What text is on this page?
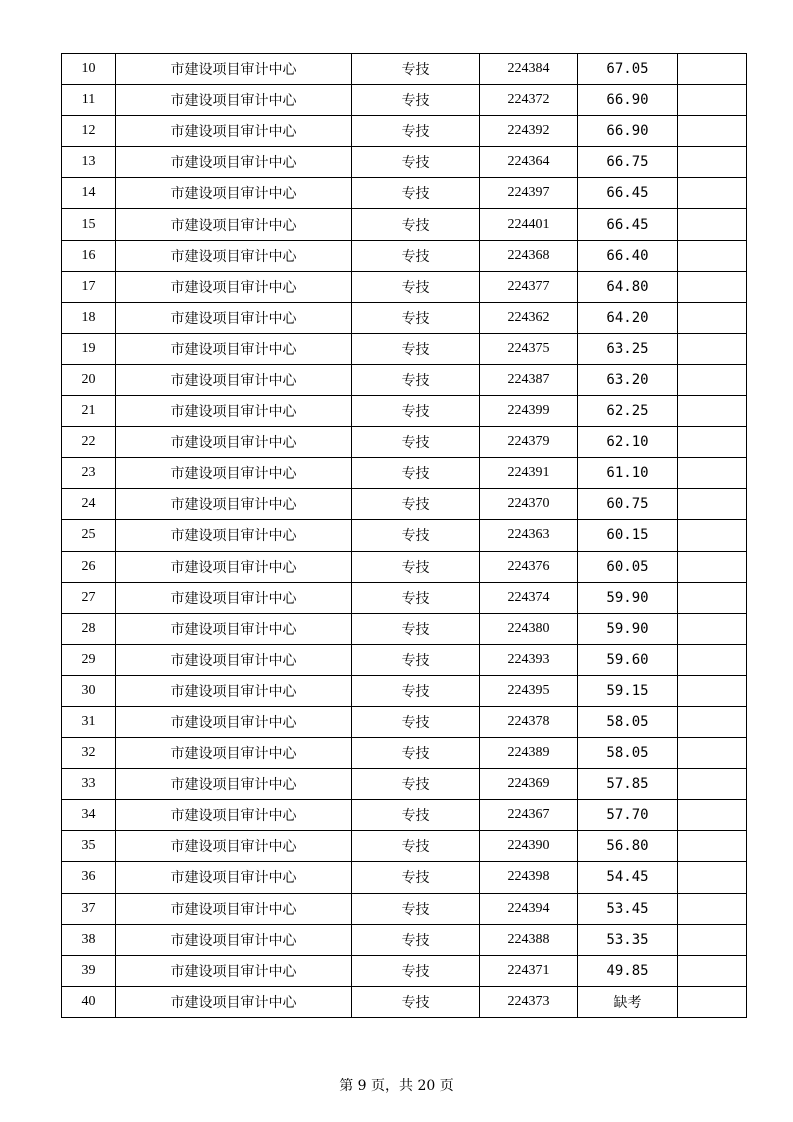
10	市建设项目审计中心	专技	224384	67.05	
11	市建设项目审计中心	专技	224372	66.90	
12	市建设项目审计中心	专技	224392	66.90	
13	市建设项目审计中心	专技	224364	66.75	
14	市建设项目审计中心	专技	224397	66.45	
15	市建设项目审计中心	专技	224401	66.45	
16	市建设项目审计中心	专技	224368	66.40	
17	市建设项目审计中心	专技	224377	64.80	
18	市建设项目审计中心	专技	224362	64.20	
19	市建设项目审计中心	专技	224375	63.25	
20	市建设项目审计中心	专技	224387	63.20	
21	市建设项目审计中心	专技	224399	62.25	
22	市建设项目审计中心	专技	224379	62.10	
23	市建设项目审计中心	专技	224391	61.10	
24	市建设项目审计中心	专技	224370	60.75	
25	市建设项目审计中心	专技	224363	60.15	
26	市建设项目审计中心	专技	224376	60.05	
27	市建设项目审计中心	专技	224374	59.90	
28	市建设项目审计中心	专技	224380	59.90	
29	市建设项目审计中心	专技	224393	59.60	
30	市建设项目审计中心	专技	224395	59.15	
31	市建设项目审计中心	专技	224378	58.05	
32	市建设项目审计中心	专技	224389	58.05	
33	市建设项目审计中心	专技	224369	57.85	
34	市建设项目审计中心	专技	224367	57.70	
35	市建设项目审计中心	专技	224390	56.80	
36	市建设项目审计中心	专技	224398	54.45	
37	市建设项目审计中心	专技	224394	53.45	
38	市建设项目审计中心	专技	224388	53.35	
39	市建设项目审计中心	专技	224371	49.85	
40	市建设项目审计中心	专技	224373	缺考	
第 9 页，共 20 页
